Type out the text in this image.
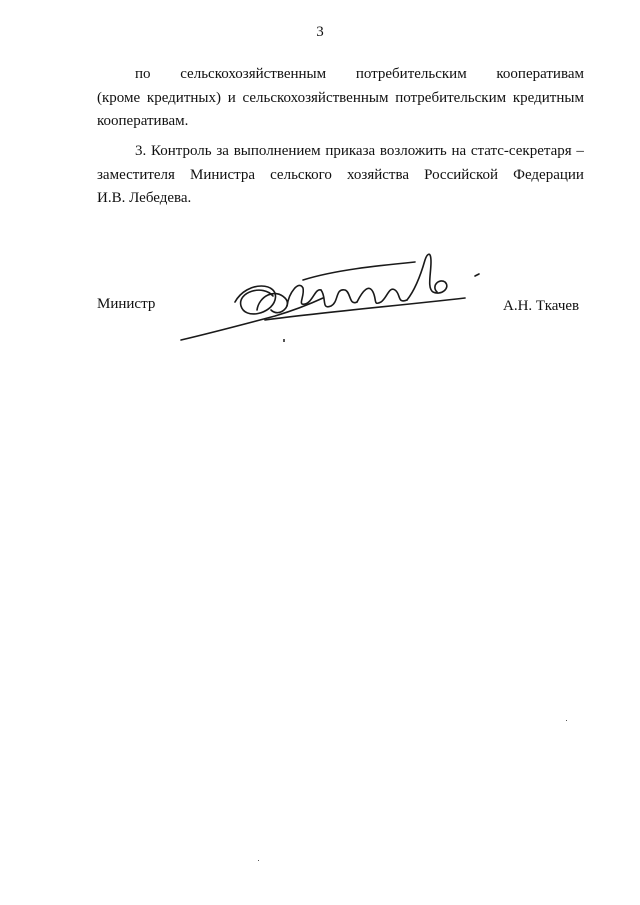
3
по сельскохозяйственным потребительским кооперативам
(кроме кредитных) и сельскохозяйственным потребительским кредитным
кооперативам.
3. Контроль за выполнением приказа возложить на статс-секретаря –
заместителя Министра сельского хозяйства Российской Федерации
И.В. Лебедева.
Министр	А.Н. Ткачев
